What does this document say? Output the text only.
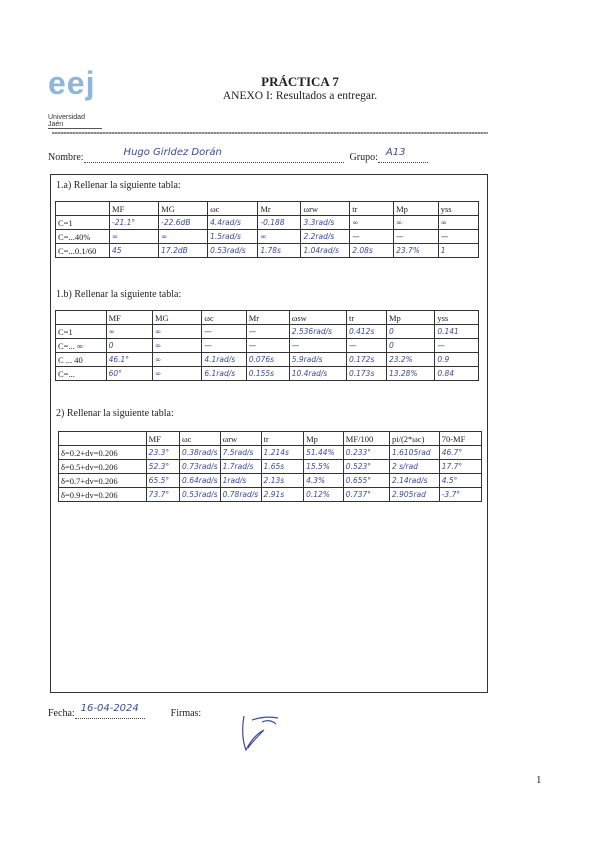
e e j
Universidad Jaén
PRÁCTICA 7
ANEXO I: Resultados a entregar.
Nombre:	Hugo Girldez Dorán	Grupo: A13
1.a) Rellenar la siguiente tabla:
	MF	MG	ωc	Mr	ωrw	tr	Mp	yss
C=1	-21.1°	-22.6dB	4.4rad/s	-0.188	3.3rad/s	∞	∞	∞
C=...40%	∞	∞	1.5rad/s	∞	2.2rad/s	—	—	—
C=...0.1/60	45	17.2dB	0.53rad/s	1.78s	1.04rad/s	2.08s	23.7%	1
1.b) Rellenar la siguiente tabla:
	MF	MG	ωc	Mr	ωsw	tr	Mp	yss
C=1	∞	∞	—	—	2.536rad/s	0.412s	0	0.141
C=... ∞	0	∞	—	—	—	—	0	—
C ... 40	46.1°	∞	4.1rad/s	0.076s	5.9rad/s	0.172s	23.2%	0.9
C=...	60°	∞	6.1rad/s	0.155s	10.4rad/s	0.173s	13.28%	0.84
2) Rellenar la siguiente tabla:
	MF	ωc	ωrw	tr	Mp	MF/100	pi/(2*ωc)	70-MF
δ=0.2+dv=0.206	23.3°	0.38rad/s	7.5rad/s	1.214s	51.44%	0.233°	1.6105rad	46.7°
δ=0.5+dv=0.206	52.3°	0.73rad/s	1.7rad/s	1.65s	15.5%	0.523°	2 s/rad	17.7°
δ=0.7+dv=0.206	65.5°	0.64rad/s	1rad/s	2.13s	4.3%	0.655°	2.14rad/s	4.5°
δ=0.9+dv=0.206	73.7°	0.53rad/s	0.78rad/s	2.91s	0.12%	0.737°	2.905rad	-3.7°
Fecha: 16-04-2024	Firmas:
1
